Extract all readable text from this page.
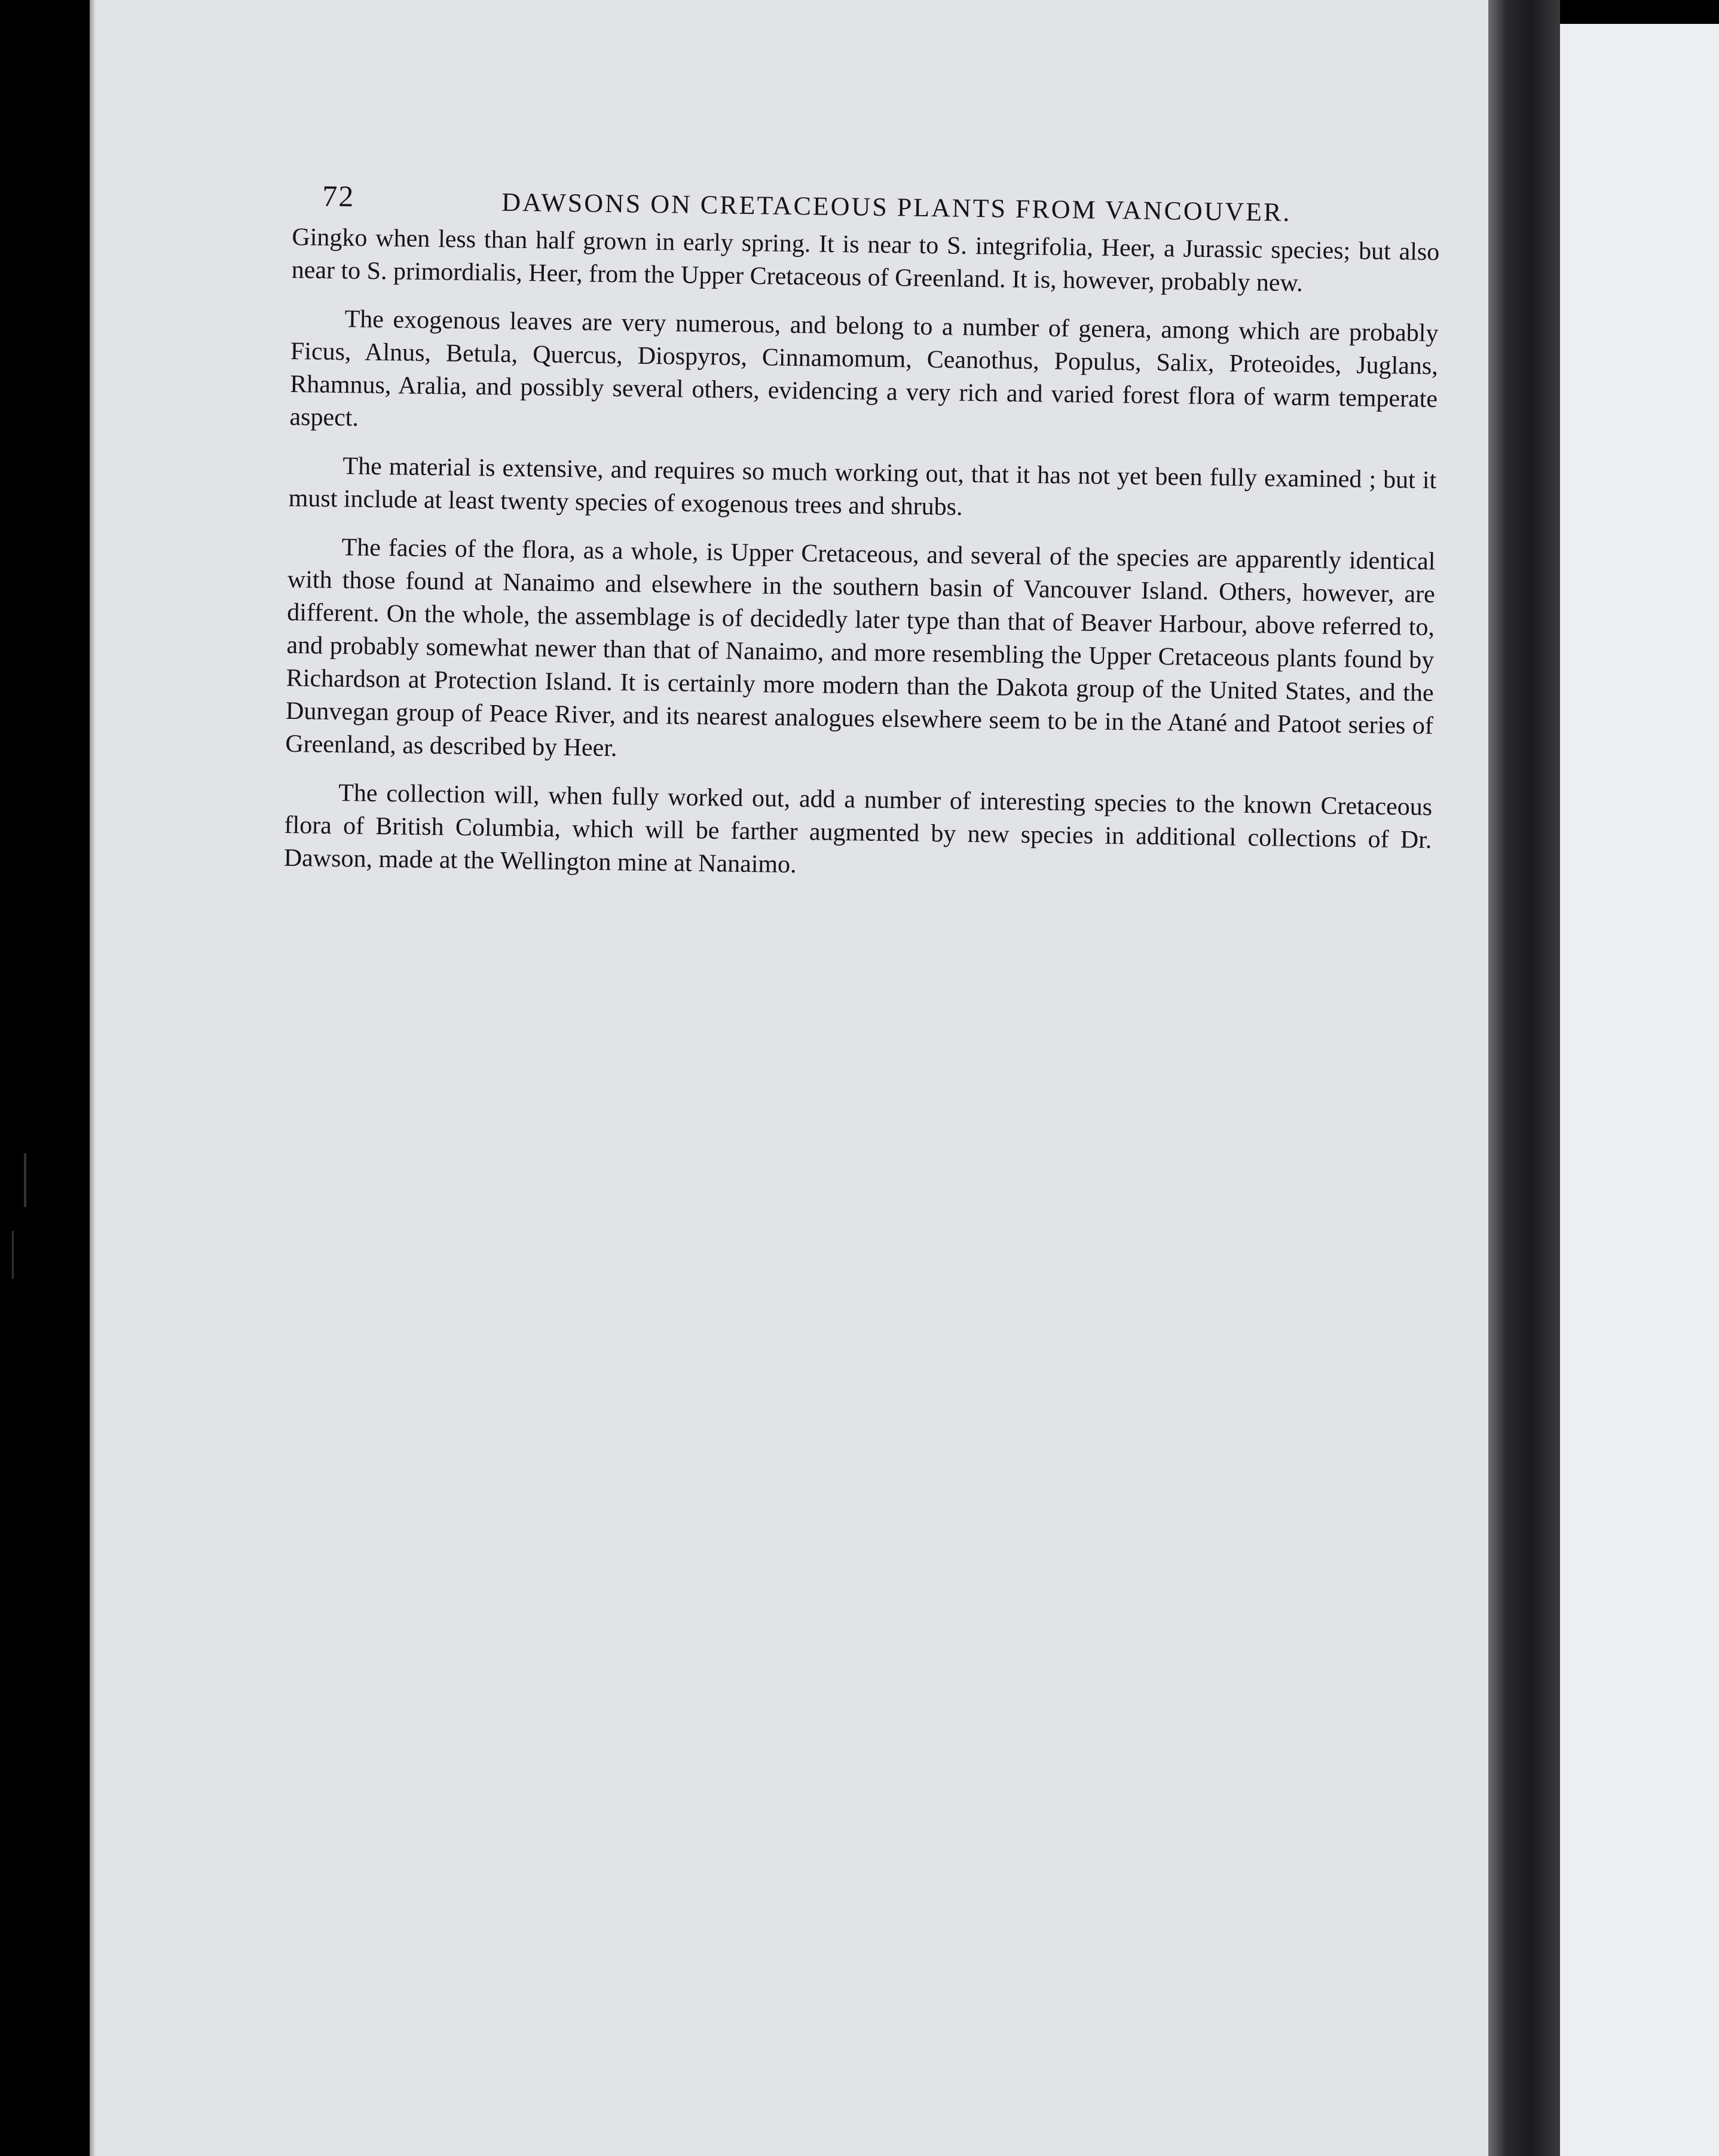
72	DAWSONS ON CRETACEOUS PLANTS FROM VANCOUVER.

Gingko when less than half grown in early spring. It is near to S. integrifolia, Heer, a Jurassic species; but also near to S. primordialis, Heer, from the Upper Cretaceous of Greenland. It is, however, probably new.

The exogenous leaves are very numerous, and belong to a number of genera, among which are probably Ficus, Alnus, Betula, Quercus, Diospyros, Cinnamomum, Ceanothus, Populus, Salix, Proteoides, Juglans, Rhamnus, Aralia, and possibly several others, evidencing a very rich and varied forest flora of warm temperate aspect.

The material is extensive, and requires so much working out, that it has not yet been fully examined ; but it must include at least twenty species of exogenous trees and shrubs.

The facies of the flora, as a whole, is Upper Cretaceous, and several of the species are apparently identical with those found at Nanaimo and elsewhere in the southern basin of Vancouver Island. Others, however, are different. On the whole, the assemblage is of decidedly later type than that of Beaver Harbour, above referred to, and probably somewhat newer than that of Nanaimo, and more resembling the Upper Cretaceous plants found by Richardson at Protection Island. It is certainly more modern than the Dakota group of the United States, and the Dunvegan group of Peace River, and its nearest analogues elsewhere seem to be in the Atané and Patoot series of Greenland, as described by Heer.

The collection will, when fully worked out, add a number of interesting species to the known Cretaceous flora of British Columbia, which will be farther augmented by new species in additional collections of Dr. Dawson, made at the Wellington mine at Nanaimo.
